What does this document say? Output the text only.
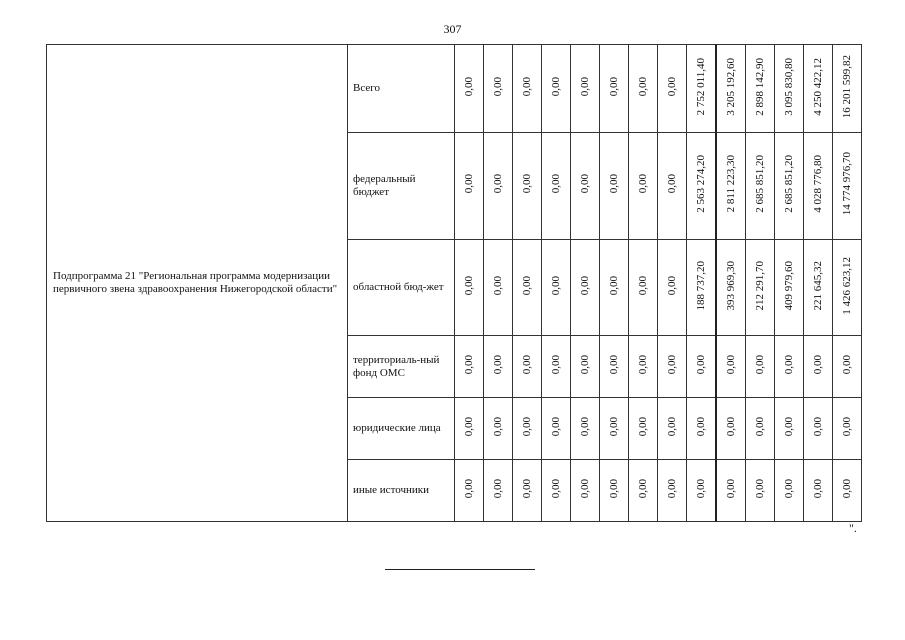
307
Подпрограмма 21 "Региональная программа модернизации первичного звена здравоохранения Нижегородской области"	Всего	0,00	0,00	0,00	0,00	0,00	0,00	0,00	0,00	2 752 011,40	3 205 192,60	2 898 142,90	3 095 830,80	4 250 422,12	16 201 599,82
	федеральный бюджет	0,00	0,00	0,00	0,00	0,00	0,00	0,00	0,00	2 563 274,20	2 811 223,30	2 685 851,20	2 685 851,20	4 028 776,80	14 774 976,70
	областной бюд-жет	0,00	0,00	0,00	0,00	0,00	0,00	0,00	0,00	188 737,20	393 969,30	212 291,70	409 979,60	221 645,32	1 426 623,12
	территориаль-ный фонд ОМС	0,00	0,00	0,00	0,00	0,00	0,00	0,00	0,00	0,00	0,00	0,00	0,00	0,00	0,00
	юридические лица	0,00	0,00	0,00	0,00	0,00	0,00	0,00	0,00	0,00	0,00	0,00	0,00	0,00	0,00
	иные источники	0,00	0,00	0,00	0,00	0,00	0,00	0,00	0,00	0,00	0,00	0,00	0,00	0,00	0,00
".
